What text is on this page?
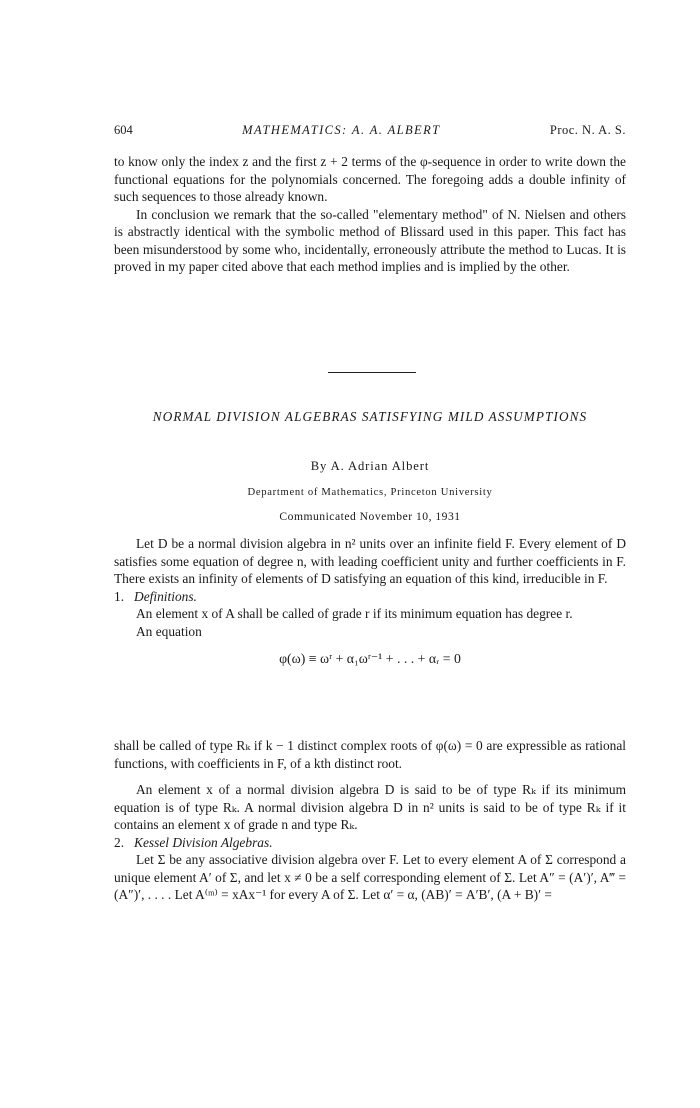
604	MATHEMATICS: A. A. ALBERT	Proc. N. A. S.

to know only the index z and the first z + 2 terms of the φ-sequence in order to write down the functional equations for the polynomials concerned. The foregoing adds a double infinity of such sequences to those already known.

In conclusion we remark that the so-called "elementary method" of N. Nielsen and others is abstractly identical with the symbolic method of Blissard used in this paper. This fact has been misunderstood by some who, incidentally, erroneously attribute the method to Lucas. It is proved in my paper cited above that each method implies and is implied by the other.

NORMAL DIVISION ALGEBRAS SATISFYING MILD ASSUMPTIONS
By A. Adrian Albert
Department of Mathematics, Princeton University
Communicated November 10, 1931

Let D be a normal division algebra in n² units over an infinite field F. Every element of D satisfies some equation of degree n, with leading coefficient unity and further coefficients in F. There exists an infinity of elements of D satisfying an equation of this kind, irreducible in F.

1. Definitions.

An element x of A shall be called of grade r if its minimum equation has degree r.

An equation

φ(ω) ≡ ωʳ + α₁ωʳ⁻¹ + . . . + αᵣ = 0

shall be called of type Rₖ if k − 1 distinct complex roots of φ(ω) = 0 are expressible as rational functions, with coefficients in F, of a kth distinct root.

An element x of a normal division algebra D is said to be of type Rₖ if its minimum equation is of type Rₖ. A normal division algebra D in n² units is said to be of type Rₖ if it contains an element x of grade n and type Rₖ.

2. Kessel Division Algebras.

Let Σ be any associative division algebra over F. Let to every element A of Σ correspond a unique element A′ of Σ, and let x ≠ 0 be a self corresponding element of Σ. Let A″ = (A′)′, A‴ = (A″)′, . . . . Let A⁽ᵐ⁾ = xAx⁻¹ for every A of Σ. Let α′ = α, (AB)′ = A′B′, (A + B)′ =
